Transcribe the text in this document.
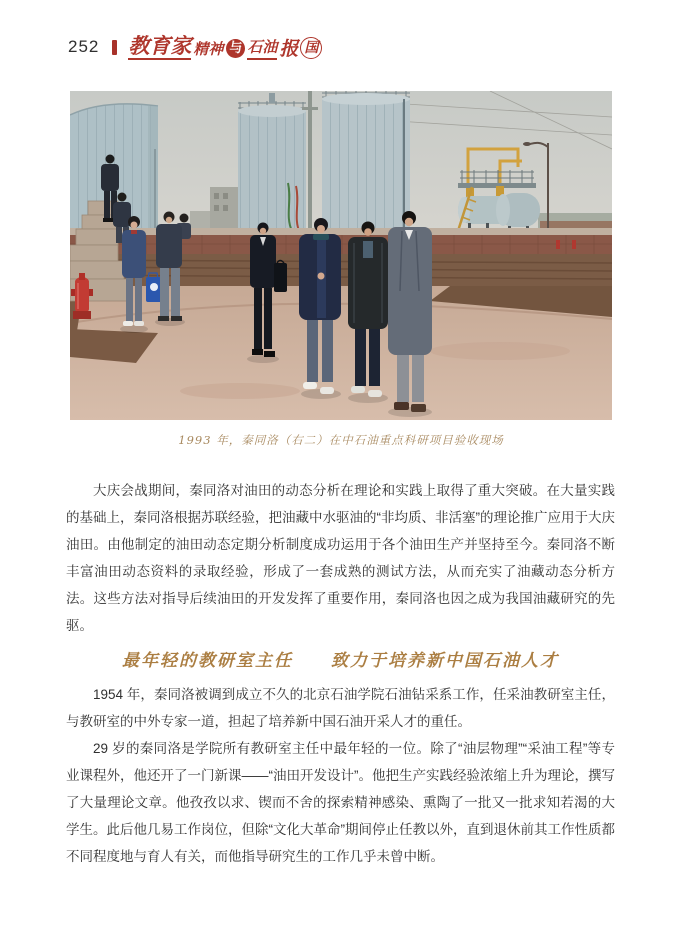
252 教育家 精神 与 石油 报 国
1993 年，秦同洛（右二）在中石油重点科研项目验收现场

大庆会战期间，秦同洛对油田的动态分析在理论和实践上取得了重大突破。在大量实践的基础上，秦同洛根据苏联经验，把油藏中水驱油的“非均质、非活塞”的理论推广应用于大庆油田。由他制定的油田动态定期分析制度成功运用于各个油田生产并坚持至今。秦同洛不断丰富油田动态资料的录取经验，形成了一套成熟的测试方法，从而充实了油藏动态分析方法。这些方法对指导后续油田的开发发挥了重要作用，秦同洛也因之成为我国油藏研究的先驱。

最年轻的教研室主任　　致力于培养新中国石油人才

1954 年，秦同洛被调到成立不久的北京石油学院石油钻采系工作，任采油教研室主任，与教研室的中外专家一道，担起了培养新中国石油开采人才的重任。

29 岁的秦同洛是学院所有教研室主任中最年轻的一位。除了“油层物理”“采油工程”等专业课程外，他还开了一门新课——“油田开发设计”。他把生产实践经验浓缩上升为理论，撰写了大量理论文章。他孜孜以求、锲而不舍的探索精神感染、熏陶了一批又一批求知若渴的大学生。此后他几易工作岗位，但除“文化大革命”期间停止任教以外，直到退休前其工作性质都不同程度地与育人有关，而他指导研究生的工作几乎未曾中断。
